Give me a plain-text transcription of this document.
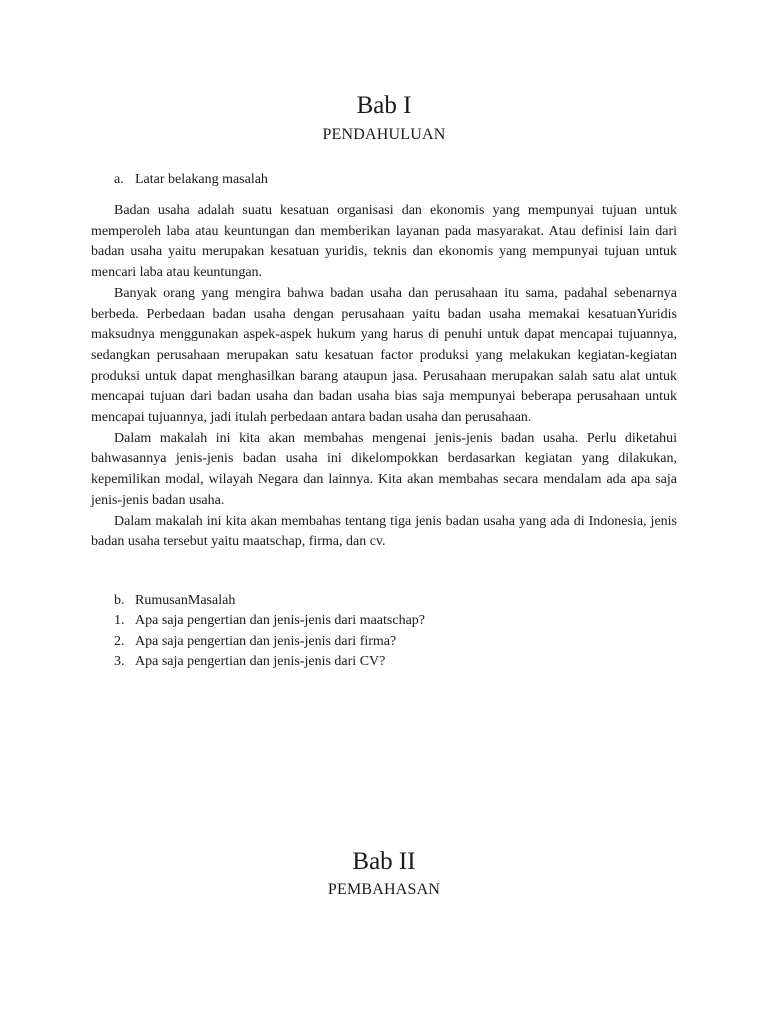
Bab I
PENDAHULUAN
a. Latar belakang masalah

Badan usaha adalah suatu kesatuan organisasi dan ekonomis yang mempunyai tujuan untuk memperoleh laba atau keuntungan dan memberikan layanan pada masyarakat. Atau definisi lain dari badan usaha yaitu merupakan kesatuan yuridis, teknis dan ekonomis yang mempunyai tujuan untuk mencari laba atau keuntungan.

Banyak orang yang mengira bahwa badan usaha dan perusahaan itu sama, padahal sebenarnya berbeda. Perbedaan badan usaha dengan perusahaan yaitu badan usaha memakai kesatuanYuridis maksudnya menggunakan aspek-aspek hukum yang harus di penuhi untuk dapat mencapai tujuannya, sedangkan perusahaan merupakan satu kesatuan factor produksi yang melakukan kegiatan-kegiatan produksi untuk dapat menghasilkan barang ataupun jasa. Perusahaan merupakan salah satu alat untuk mencapai tujuan dari badan usaha dan badan usaha bias saja mempunyai beberapa perusahaan untuk mencapai tujuannya, jadi itulah perbedaan antara badan usaha dan perusahaan.

Dalam makalah ini kita akan membahas mengenai jenis-jenis badan usaha. Perlu diketahui bahwasannya jenis-jenis badan usaha ini dikelompokkan berdasarkan kegiatan yang dilakukan, kepemilikan modal, wilayah Negara dan lainnya. Kita akan membahas secara mendalam ada apa saja jenis-jenis badan usaha.

Dalam makalah ini kita akan membahas tentang tiga jenis badan usaha yang ada di Indonesia, jenis badan usaha tersebut yaitu maatschap, firma, dan cv.

b. RumusanMasalah
1. Apa saja pengertian dan jenis-jenis dari maatschap?
2. Apa saja pengertian dan jenis-jenis dari firma?
3. Apa saja pengertian dan jenis-jenis dari CV?
Bab II
PEMBAHASAN
